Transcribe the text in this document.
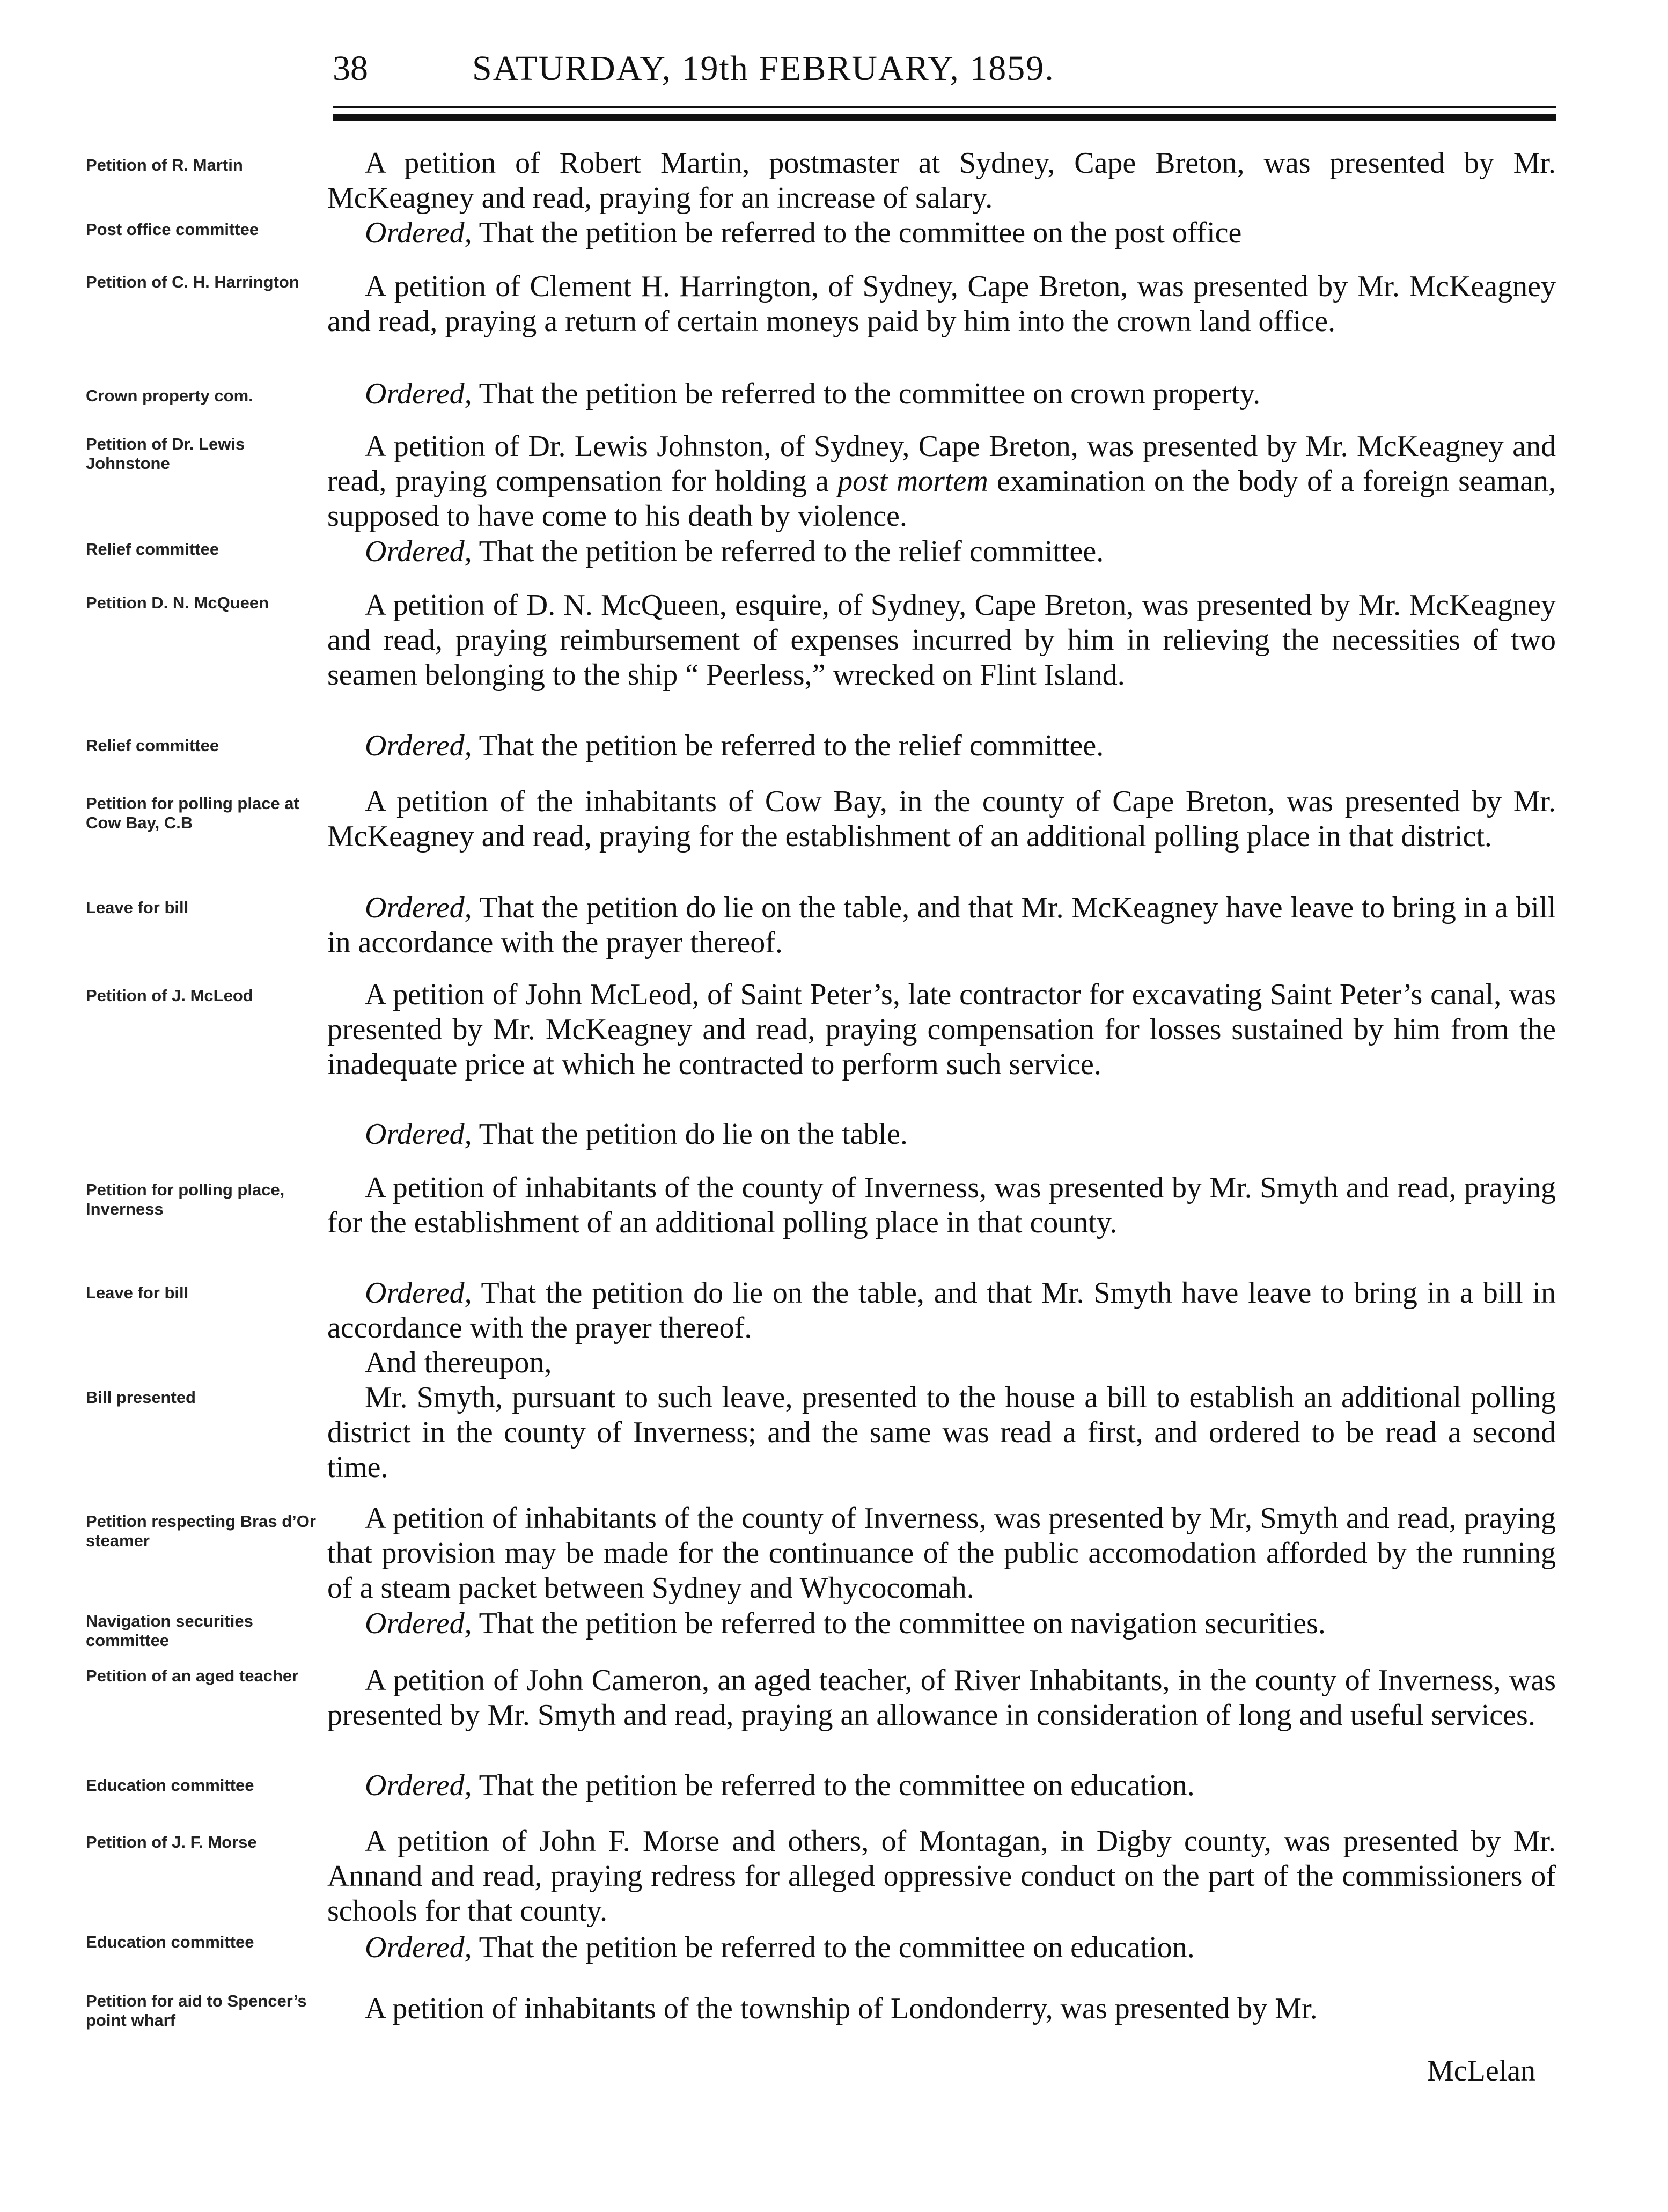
38	SATURDAY, 19th FEBRUARY, 1859.
Petition of R. Martin	A petition of Robert Martin, postmaster at Sydney, Cape Breton, was presented by Mr. McKeagney and read, praying for an increase of salary.
Post office committee	Ordered, That the petition be referred to the committee on the post office
Petition of C. H. Harrington	A petition of Clement H. Harrington, of Sydney, Cape Breton, was presented by Mr. McKeagney and read, praying a return of certain moneys paid by him into the crown land office.
Crown property com.	Ordered, That the petition be referred to the committee on crown property.
Petition of Dr. Lewis Johnstone
A petition of Dr. Lewis Johnston, of Sydney, Cape Breton, was presented by Mr. McKeagney and read, praying compensation for holding a post mortem examination on the body of a foreign seaman, supposed to have come to his death by violence.
Relief committee	Ordered, That the petition be referred to the relief committee.
Petition D. N. McQueen	A petition of D. N. McQueen, esquire, of Sydney, Cape Breton, was presented by Mr. McKeagney and read, praying reimbursement of expenses incurred by him in relieving the necessities of two seamen belonging to the ship “ Peerless,” wrecked on Flint Island.
Relief committee	Ordered, That the petition be referred to the relief committee.
Petition for polling place at Cow Bay, C.B
A petition of the inhabitants of Cow Bay, in the county of Cape Breton, was presented by Mr. McKeagney and read, praying for the establishment of an additional polling place in that district.
Leave for bill	Ordered, That the petition do lie on the table, and that Mr. McKeagney have leave to bring in a bill in accordance with the prayer thereof.
Petition of J. McLeod	A petition of John McLeod, of Saint Peter’s, late contractor for excavating Saint Peter’s canal, was presented by Mr. McKeagney and read, praying compensation for losses sustained by him from the inadequate price at which he contracted to perform such service.
Ordered, That the petition do lie on the table.
Petition for polling place, Inverness
A petition of inhabitants of the county of Inverness, was presented by Mr. Smyth and read, praying for the establishment of an additional polling place in that county.
Leave for bill	Ordered, That the petition do lie on the table, and that Mr. Smyth have leave to bring in a bill in accordance with the prayer thereof.
And thereupon,
Bill presented	Mr. Smyth, pursuant to such leave, presented to the house a bill to establish an additional polling district in the county of Inverness; and the same was read a first, and ordered to be read a second time.
Petition respecting Bras d’Or steamer
A petition of inhabitants of the county of Inverness, was presented by Mr, Smyth and read, praying that provision may be made for the continuance of the public accomodation afforded by the running of a steam packet between Sydney and Whycocomah.
Navigation securities committee
Ordered, That the petition be referred to the committee on navigation securities.
Petition of an aged teacher	A petition of John Cameron, an aged teacher, of River Inhabitants, in the county of Inverness, was presented by Mr. Smyth and read, praying an allowance in consideration of long and useful services.
Education committee	Ordered, That the petition be referred to the committee on education.
Petition of J. F. Morse	A petition of John F. Morse and others, of Montagan, in Digby county, was presented by Mr. Annand and read, praying redress for alleged oppressive conduct on the part of the commissioners of schools for that county.
Education committee	Ordered, That the petition be referred to the committee on education.
Petition for aid to Spencer’s point wharf	A petition of inhabitants of the township of Londonderry, was presented by Mr.
McLelan
